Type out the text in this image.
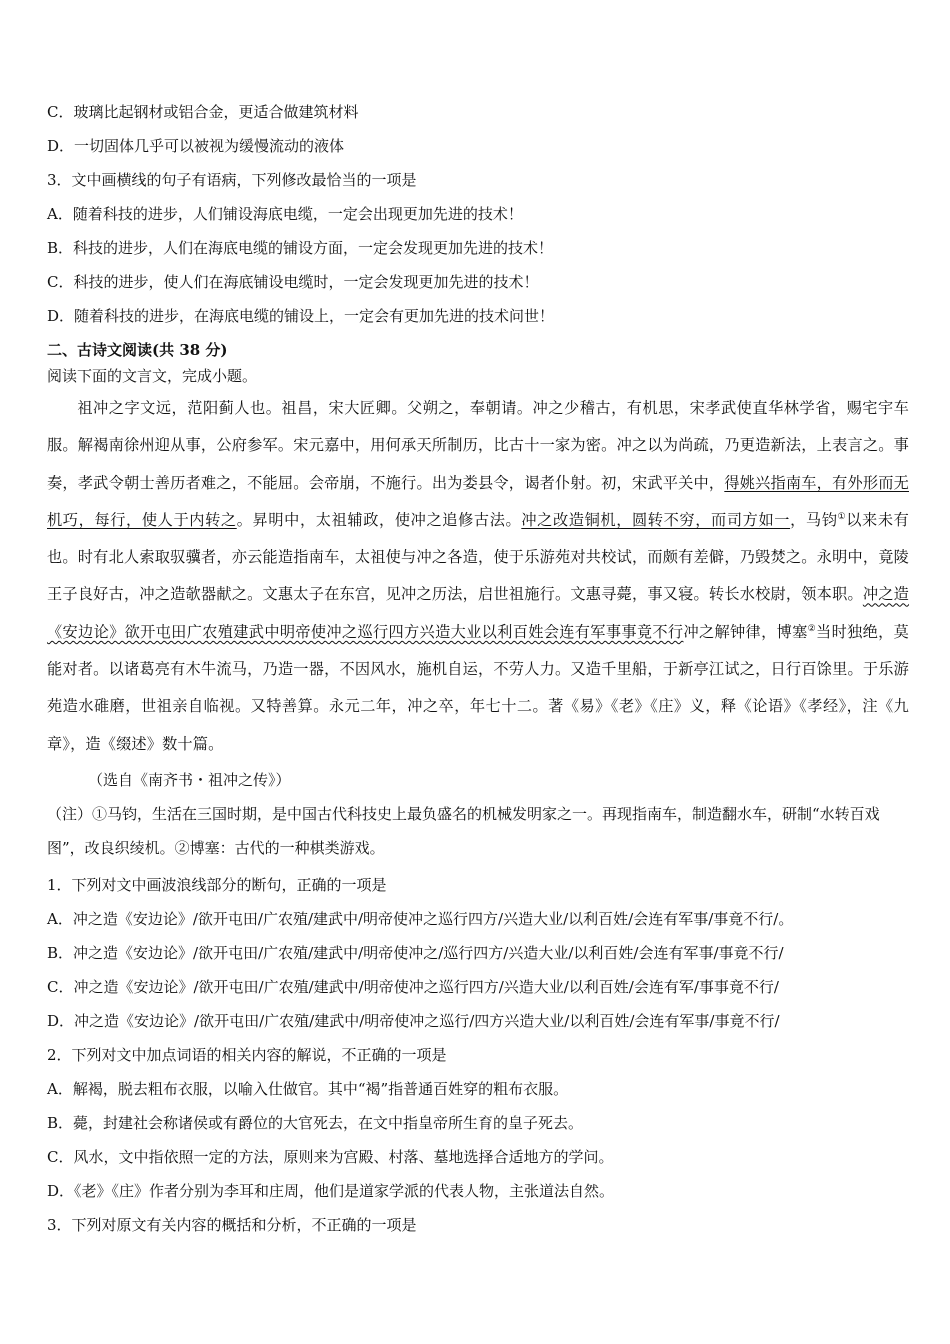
C．玻璃比起钢材或铝合金，更适合做建筑材料
D．一切固体几乎可以被视为缓慢流动的液体
3．文中画横线的句子有语病，下列修改最恰当的一项是
A．随着科技的进步，人们铺设海底电缆，一定会出现更加先进的技术！
B．科技的进步，人们在海底电缆的铺设方面，一定会发现更加先进的技术！
C．科技的进步，使人们在海底铺设电缆时，一定会发现更加先进的技术！
D．随着科技的进步，在海底电缆的铺设上，一定会有更加先进的技术问世！
二、古诗文阅读(共 38 分)
阅读下面的文言文，完成小题。
祖冲之字文远，范阳蓟人也。祖昌，宋大匠卿。父朔之，奉朝请。冲之少稽古，有机思，宋孝武使直华林学省，赐宅宇车服。解褐南徐州迎从事，公府参军。宋元嘉中，用何承天所制历，比古十一家为密。冲之以为尚疏，乃更造新法，上表言之。事奏，孝武令朝士善历者难之，不能屈。会帝崩，不施行。出为娄县令，谒者仆射。初，宋武平关中，得姚兴指南车，有外形而无机巧，每行，使人于内转之。昇明中，太祖辅政，使冲之追修古法。冲之改造铜机，圆转不穷，而司方如一，马钧①以来未有也。时有北人索取驭骥者，亦云能造指南车，太祖使与冲之各造，使于乐游苑对共校试，而颇有差僻，乃毁焚之。永明中，竟陵王子良好古，冲之造欹器献之。文惠太子在东宫，见冲之历法，启世祖施行。文惠寻薨，事又寝。转长水校尉，领本职。冲之造《安边论》欲开屯田广农殖建武中明帝使冲之巡行四方兴造大业以利百姓会连有军事事竟不行冲之解钟律，博塞②当时独绝，莫能对者。以诸葛亮有木牛流马，乃造一器，不因风水，施机自运，不劳人力。又造千里船，于新亭江试之，日行百馀里。于乐游苑造水碓磨，世祖亲自临视。又特善算。永元二年，冲之卒，年七十二。著《易》《老》《庄》义，释《论语》《孝经》，注《九章》，造《缀述》数十篇。
（选自《南齐书・祖冲之传》）
（注）①马钧，生活在三国时期，是中国古代科技史上最负盛名的机械发明家之一。再现指南车，制造翻水车，研制“水转百戏图”，改良织绫机。②博塞：古代的一种棋类游戏。
1．下列对文中画波浪线部分的断句，正确的一项是
A．冲之造《安边论》/欲开屯田/广农殖/建武中/明帝使冲之巡行四方/兴造大业/以利百姓/会连有军事/事竟不行/。
B．冲之造《安边论》/欲开屯田/广农殖/建武中/明帝使冲之/巡行四方/兴造大业/以利百姓/会连有军事/事竟不行/
C．冲之造《安边论》/欲开屯田/广农殖/建武中/明帝使冲之巡行四方/兴造大业/以利百姓/会连有军/事事竟不行/
D．冲之造《安边论》/欲开屯田/广农殖/建武中/明帝使冲之巡行/四方兴造大业/以利百姓/会连有军事/事竟不行/
2．下列对文中加点词语的相关内容的解说，不正确的一项是
A．解褐，脱去粗布衣服，以喻入仕做官。其中“褐”指普通百姓穿的粗布衣服。
B．薨，封建社会称诸侯或有爵位的大官死去，在文中指皇帝所生育的皇子死去。
C．风水，文中指依照一定的方法，原则来为宫殿、村落、墓地选择合适地方的学问。
D．《老》《庄》作者分别为李耳和庄周，他们是道家学派的代表人物，主张道法自然。
3．下列对原文有关内容的概括和分析，不正确的一项是
